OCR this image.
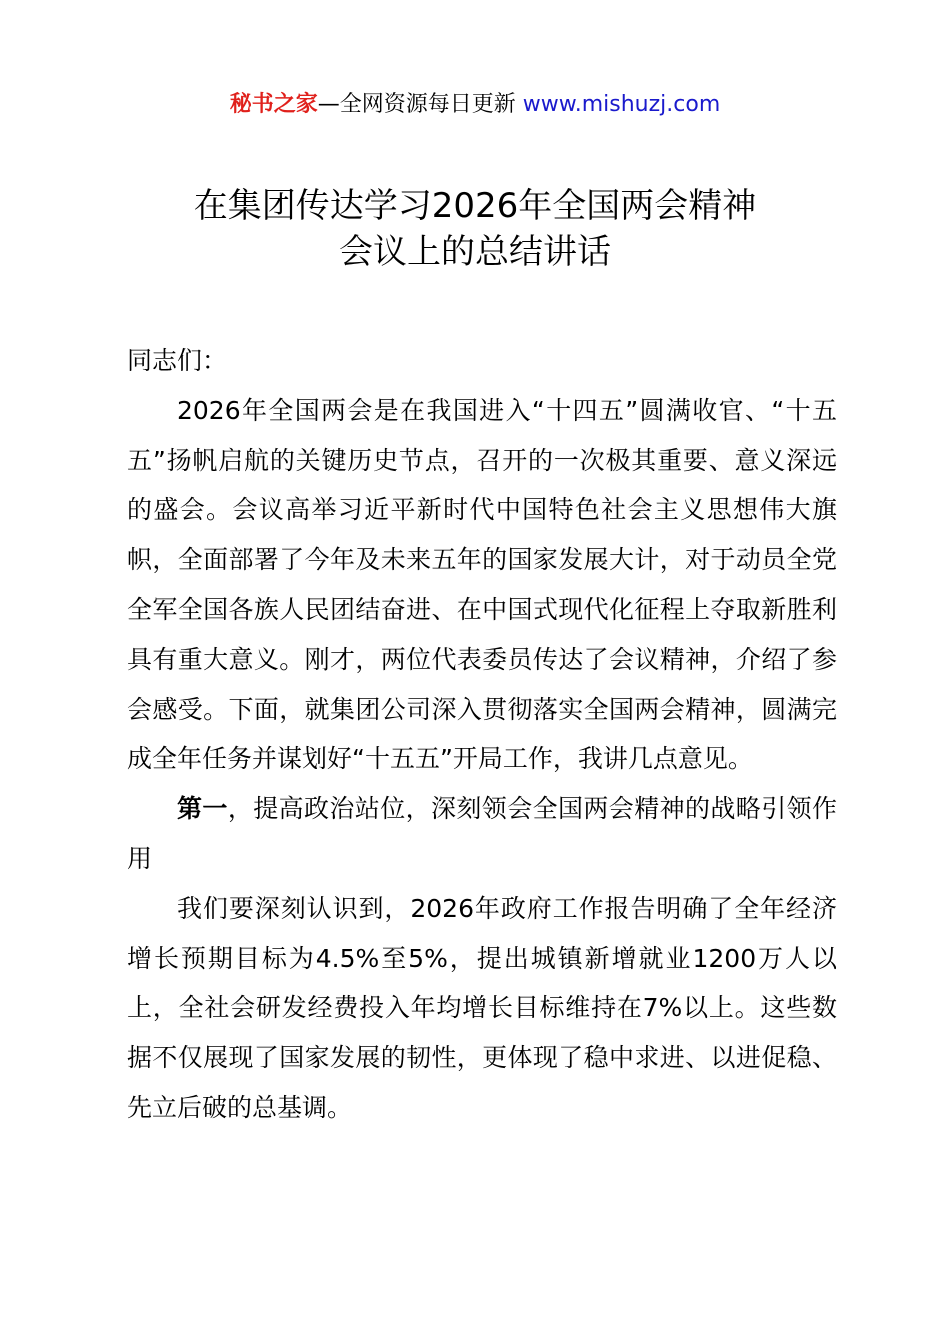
秘书之家—全网资源每日更新 www.mishuzj.com
在集团传达学习2026年全国两会精神
会议上的总结讲话

同志们：

2026年全国两会是在我国进入“十四五”圆满收官、“十五五”扬帆启航的关键历史节点，召开的一次极其重要、意义深远的盛会。会议高举习近平新时代中国特色社会主义思想伟大旗帜，全面部署了今年及未来五年的国家发展大计，对于动员全党全军全国各族人民团结奋进、在中国式现代化征程上夺取新胜利具有重大意义。刚才，两位代表委员传达了会议精神，介绍了参会感受。下面，就集团公司深入贯彻落实全国两会精神，圆满完成全年任务并谋划好“十五五”开局工作，我讲几点意见。

第一，提高政治站位，深刻领会全国两会精神的战略引领作用

我们要深刻认识到，2026年政府工作报告明确了全年经济增长预期目标为4.5%至5%，提出城镇新增就业1200万人以上，全社会研发经费投入年均增长目标维持在7%以上。这些数据不仅展现了国家发展的韧性，更体现了稳中求进、以进促稳、先立后破的总基调。
